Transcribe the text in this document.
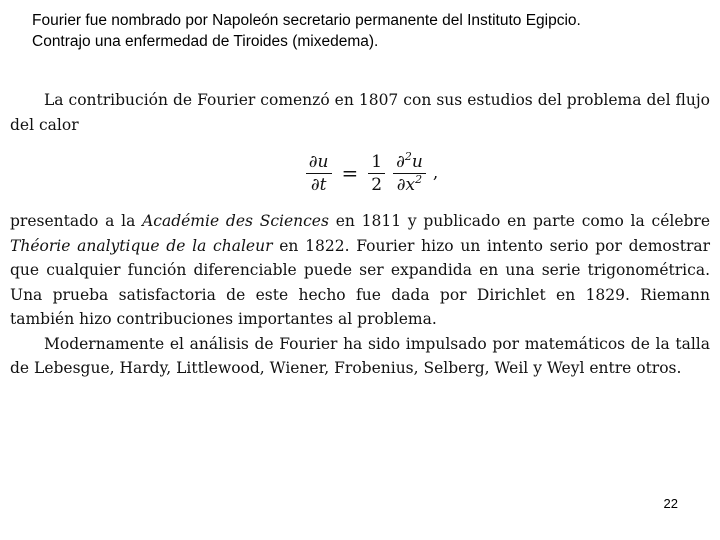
Fourier fue nombrado por Napoleón secretario permanente del Instituto Egipcio.
Contrajo una enfermedad de Tiroides (mixedema).

La contribución de Fourier comenzó en 1807 con sus estudios del problema del flujo del calor

$\frac{\partial u}{\partial t} = \frac{1}{2} \frac{\partial^2u}{\partial x^2}$ ,

presentado a la Académie des Sciences en 1811 y publicado en parte como la célebre Théorie analytique de la chaleur en 1822. Fourier hizo un intento serio por demostrar que cualquier función diferenciable puede ser expandida en una serie trigonométrica. Una prueba satisfactoria de este hecho fue dada por Dirichlet en 1829. Riemann también hizo contribuciones importantes al problema.

Modernamente el análisis de Fourier ha sido impulsado por matemáticos de la talla de Lebesgue, Hardy, Littlewood, Wiener, Frobenius, Selberg, Weil y Weyl entre otros.

22
